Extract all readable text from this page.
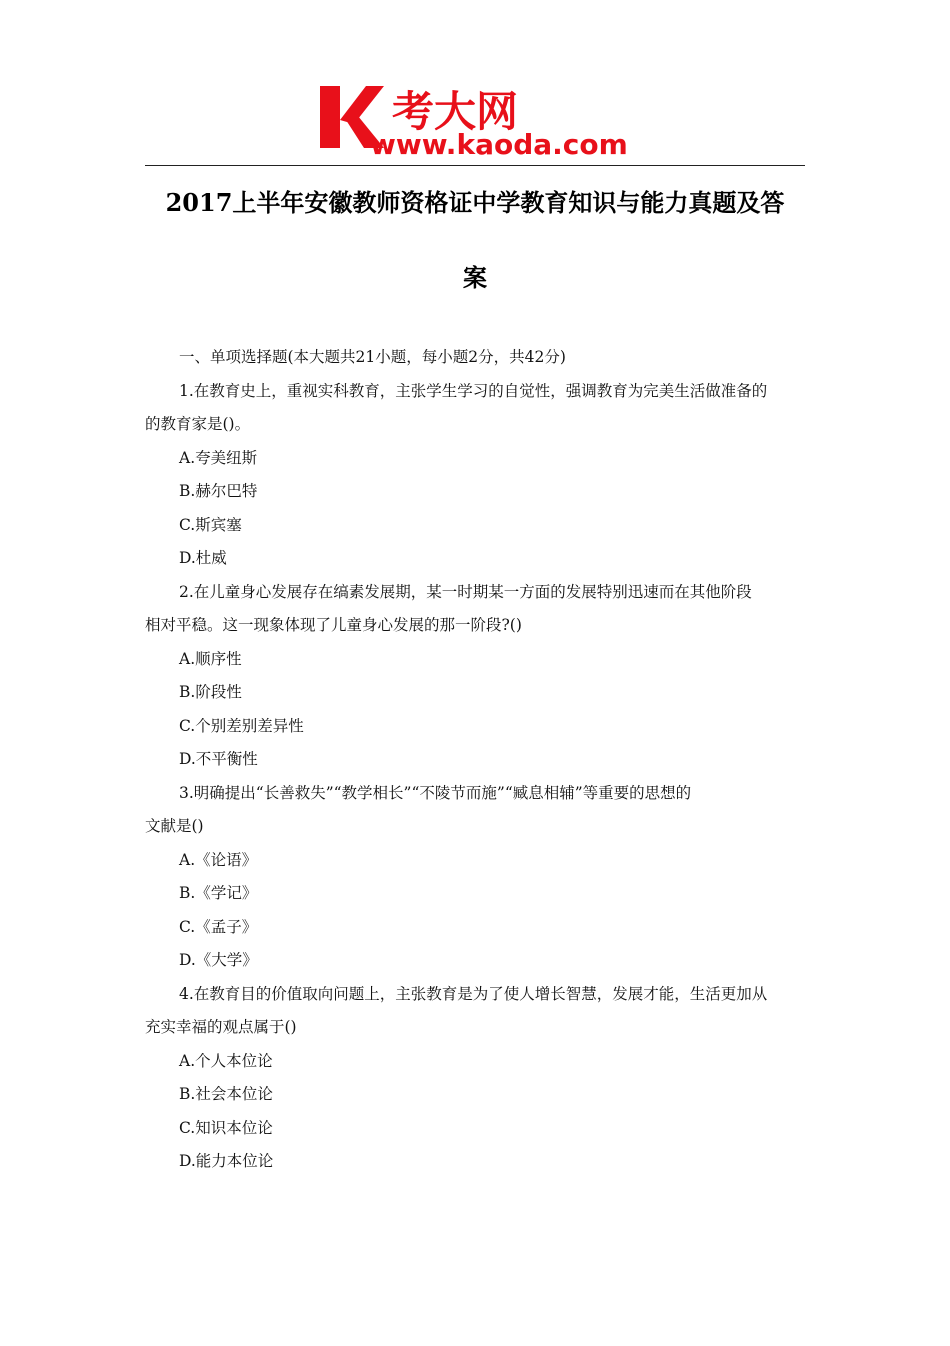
考大网
www.kaoda.com
2017上半年安徽教师资格证中学教育知识与能力真题及答
案

一、单项选择题(本大题共21小题，每小题2分，共42分)

1.在教育史上，重视实科教育，主张学生学习的自觉性，强调教育为完美生活做准备的

的教育家是()。

A.夸美纽斯

B.赫尔巴特

C.斯宾塞

D.杜威

2.在儿童身心发展存在缟素发展期，某一时期某一方面的发展特别迅速而在其他阶段

相对平稳。这一现象体现了儿童身心发展的那一阶段?()

A.顺序性

B.阶段性

C.个别差别差异性

D.不平衡性

3.明确提出“长善救失”“教学相长”“不陵节而施”“臧息相辅”等重要的思想的

文献是()

A.《论语》

B.《学记》

C.《孟子》

D.《大学》

4.在教育目的价值取向问题上，主张教育是为了使人增长智慧，发展才能，生活更加从

充实幸福的观点属于()

A.个人本位论

B.社会本位论

C.知识本位论

D.能力本位论
